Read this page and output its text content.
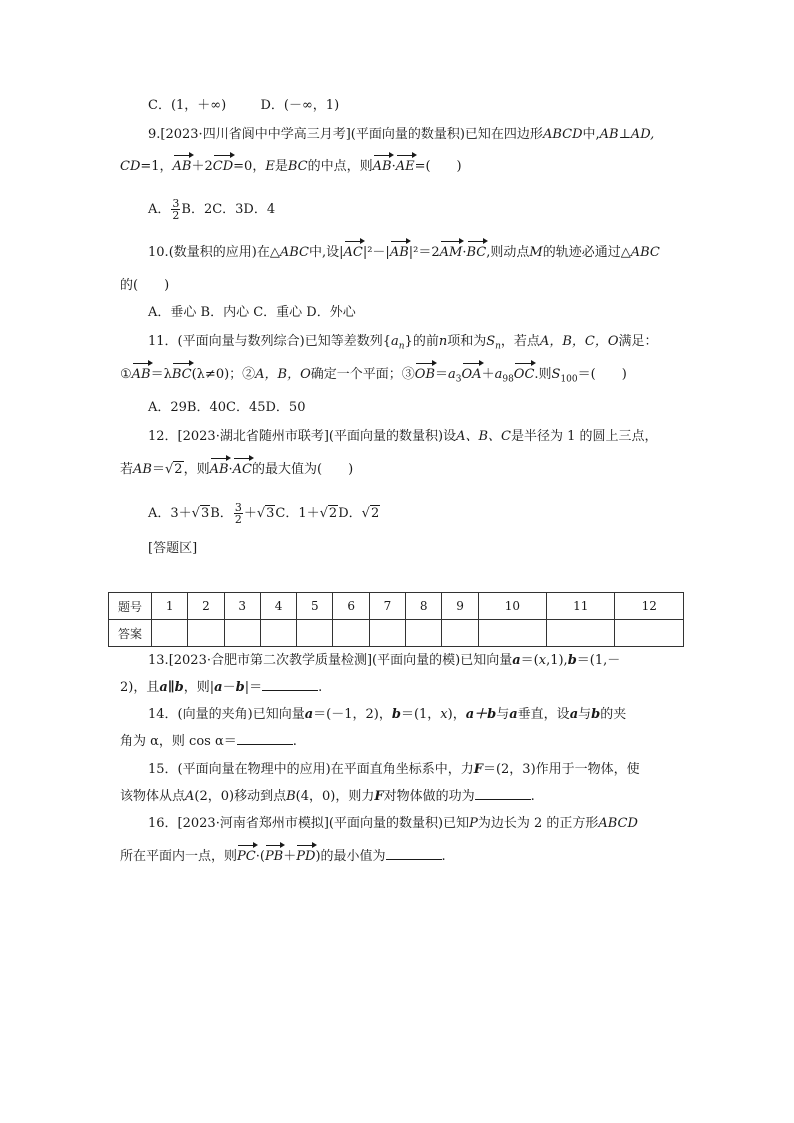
C．(1，＋∞)	D．(－∞，1)
9.[2023·四川省阆中中学高三月考](平面向量的数量积)已知在四边形ABCD中,AB⊥AD,
CD=1，AB＋2CD=0，E是BC的中点，则AB·AE=(　　)
A． $\frac{3}{2}$ B．2C．3D．4
10.(数量积的应用)在△ABC中,设|AC|²－|AB|²＝2AM·BC,则动点M的轨迹必通过△ABC
的(　　)
A．垂心 B．内心 C．重心 D．外心
11．(平面向量与数列综合)已知等差数列$\{a_n\}$的前n项和为$S_n$，若点A，B，C，O满足：
①AB＝λBC(λ≠0)；②A，B，O确定一个平面；$③OB=a_3OA+a_{98}OC$.则$S_{100}=$(　　)
A．29B．40C．45D．50
12．[2023·湖北省随州市联考](平面向量的数量积)设A、B、C是半径为 1 的圆上三点，
若AB＝√2，则AB·AC的最大值为(　　)
A．3＋√3B． $\frac{3}{2} +√3C$．1＋√2D．√2
[答题区]
题号	1	2	3	4	5	6	7	8	9	10	11	12
答案												
13.[2023·合肥市第二次教学质量检测](平面向量的模)已知向量a＝(x,1),b＝(1,－
2)，且a∥b，则|a－b|＝	.
14．(向量的夹角)已知向量a＝(－1，2)，b＝(1，x)，a＋b与a垂直，设a与b的夹
角为 α，则 cos α＝	.
15．(平面向量在物理中的应用)在平面直角坐标系中，力F＝(2，3)作用于一物体，使
该物体从点A(2，0)移动到点B(4，0)，则力F对物体做的功为	.
16．[2023·河南省郑州市模拟](平面向量的数量积)已知P为边长为 2 的正方形ABCD
所在平面内一点，则PC·(PB＋PD)的最小值为	.
